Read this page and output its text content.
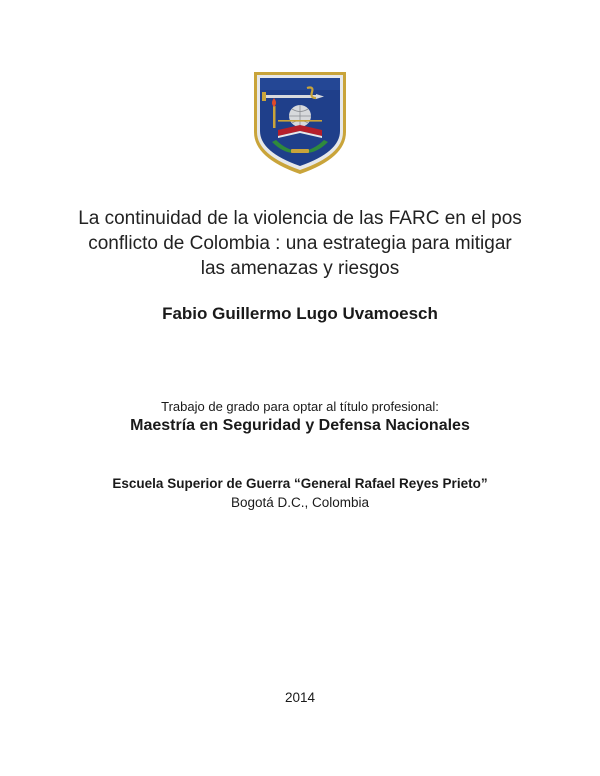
La continuidad de la violencia de las FARC en el pos
conflicto de Colombia : una estrategia para mitigar
las amenazas y riesgos
Fabio Guillermo Lugo Uvamoesch
Trabajo de grado para optar al título profesional:
Maestría en Seguridad y Defensa Nacionales
Escuela Superior de Guerra “General Rafael Reyes Prieto”
Bogotá D.C., Colombia
2014
